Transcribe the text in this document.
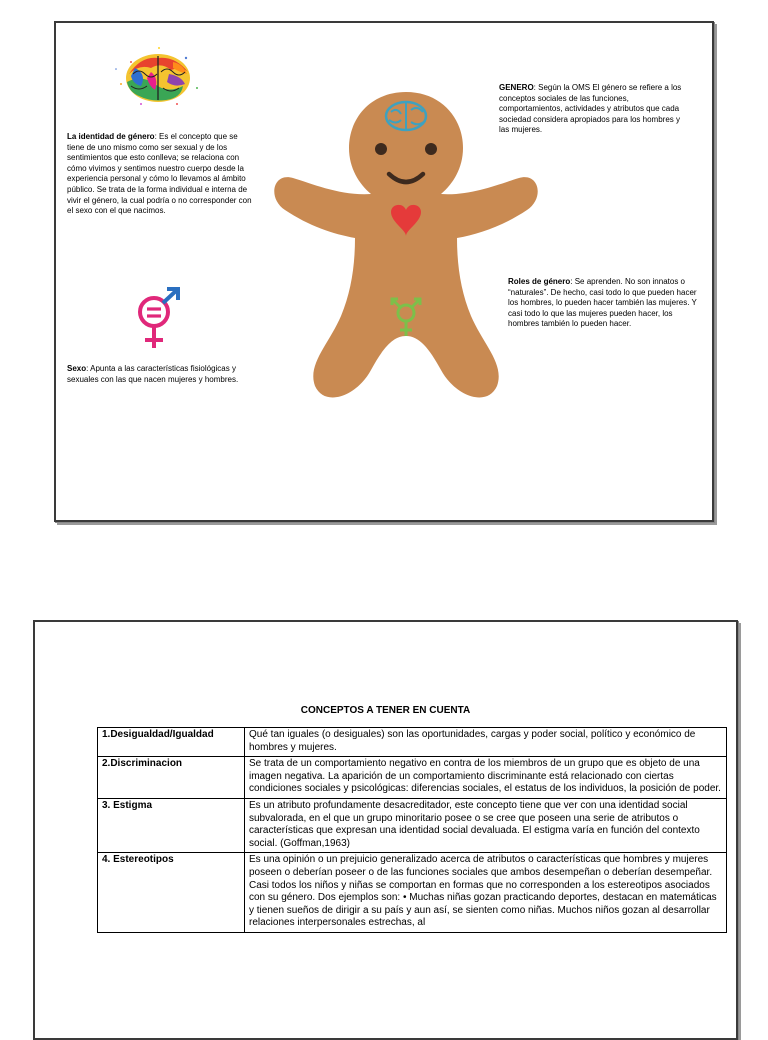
La identidad de género: Es el concepto que se tiene de uno mismo como ser sexual y de los sentimientos que esto conlleva; se relaciona con cómo vivimos y sentimos nuestro cuerpo desde la experiencia personal y cómo lo llevamos al ámbito público. Se trata de la forma individual e interna de vivir el género, la cual podría o no corresponder con el sexo con el que nacimos.
Sexo: Apunta a las características fisiológicas y sexuales con las que nacen mujeres y hombres.
GENERO: Según la OMS El género se refiere a los conceptos sociales de las funciones, comportamientos, actividades y atributos que cada sociedad considera apropiados para los hombres y las mujeres.
Roles de género: Se aprenden. No son innatos o “naturales”. De hecho, casi todo lo que pueden hacer los hombres, lo pueden hacer también las mujeres. Y casi todo lo que las mujeres pueden hacer, los hombres también lo pueden hacer.
CONCEPTOS A TENER EN CUENTA
1.Desigualdad/Igualdad	Qué tan iguales (o desiguales) son las oportunidades, cargas y poder social, político y económico de hombres y mujeres.
2.Discriminacion	Se trata de un comportamiento negativo en contra de los miembros de un grupo que es objeto de una imagen negativa. La aparición de un comportamiento discriminante está relacionado con ciertas condiciones sociales y psicológicas: diferencias sociales, el estatus de los individuos, la posición de poder.
3. Estigma	Es un atributo profundamente desacreditador, este concepto tiene que ver con una identidad social subvalorada, en el que un grupo minoritario posee o se cree que poseen una serie de atributos o características que expresan una identidad social devaluada. El estigma varía en función del contexto social. (Goffman,1963)
4. Estereotipos	Es una opinión o un prejuicio generalizado acerca de atributos o características que hombres y mujeres poseen o deberían poseer o de las funciones sociales que ambos desempeñan o deberían desempeñar. Casi todos los niños y niñas se comportan en formas que no corresponden a los estereotipos asociados con su género. Dos ejemplos son: • Muchas niñas gozan practicando deportes, destacan en matemáticas y tienen sueños de dirigir a su país y aun así, se sienten como niñas. Muchos niños gozan al desarrollar relaciones interpersonales estrechas, al
